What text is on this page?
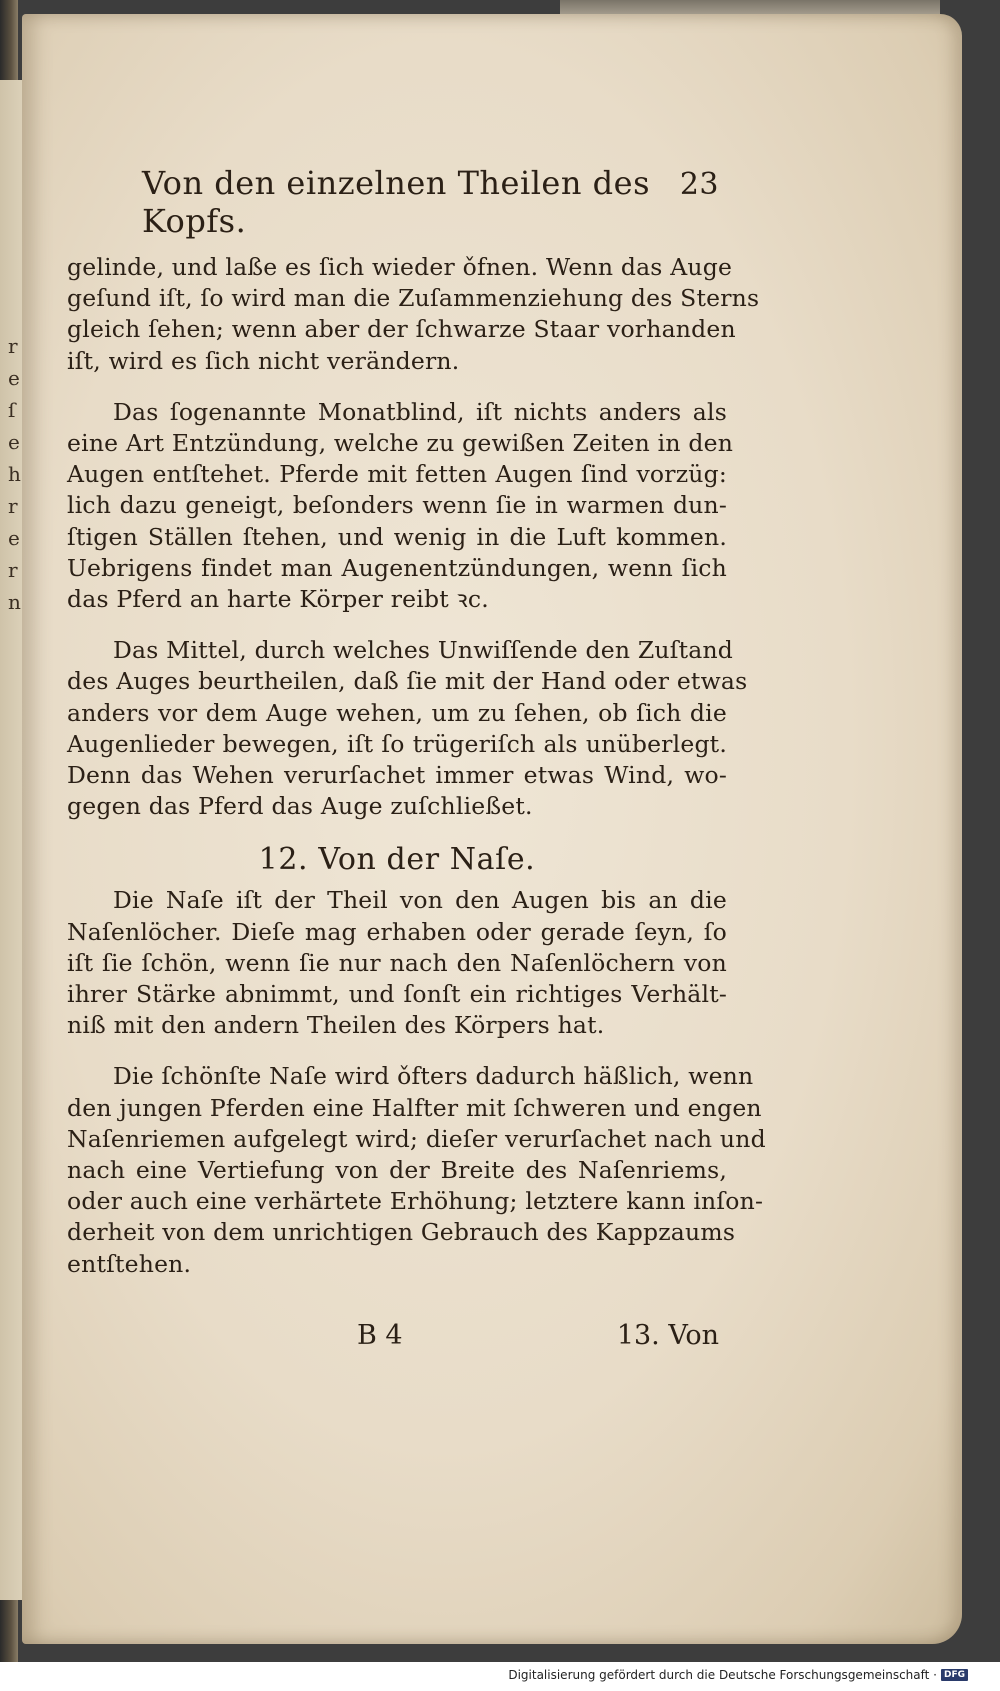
r
e
ſ
e
h
r
e
r
n
Von den einzelnen Theilen des Kopfs.
23

gelinde, und laße es ſich wieder ǒfnen. Wenn das Auge
geſund iſt, ſo wird man die Zuſammenziehung des Sterns
gleich ſehen; wenn aber der ſchwarze Staar vorhanden
iſt, wird es ſich nicht verändern.

Das ſogenannte Monatblind, iſt nichts anders als
eine Art Entzündung, welche zu gewißen Zeiten in den
Augen entſtehet. Pferde mit fetten Augen ſind vorzüg:
lich dazu geneigt, beſonders wenn ſie in warmen dun-
ſtigen Ställen ſtehen, und wenig in die Luft kommen.
Uebrigens findet man Augenentzündungen, wenn ſich
das Pferd an harte Körper reibt ꝛc.

Das Mittel, durch welches Unwiſſende den Zuſtand
des Auges beurtheilen, daß ſie mit der Hand oder etwas
anders vor dem Auge wehen, um zu ſehen, ob ſich die
Augenlieder bewegen, iſt ſo trügeriſch als unüberlegt.
Denn das Wehen verurſachet immer etwas Wind, wo-
gegen das Pferd das Auge zuſchließet.

12. Von der Naſe.

Die Naſe iſt der Theil von den Augen bis an die
Naſenlöcher. Dieſe mag erhaben oder gerade ſeyn, ſo
iſt ſie ſchön, wenn ſie nur nach den Naſenlöchern von
ihrer Stärke abnimmt, und ſonſt ein richtiges Verhält-
niß mit den andern Theilen des Körpers hat.

Die ſchönſte Naſe wird ǒfters dadurch häßlich, wenn
den jungen Pferden eine Halfter mit ſchweren und engen
Naſenriemen aufgelegt wird; dieſer verurſachet nach und
nach eine Vertiefung von der Breite des Naſenriems,
oder auch eine verhärtete Erhöhung; letztere kann inſon-
derheit von dem unrichtigen Gebrauch des Kappzaums
entſtehen.

B 4	13. Von
Digitalisierung gefördert durch die Deutsche Forschungsgemeinschaft · DFG
